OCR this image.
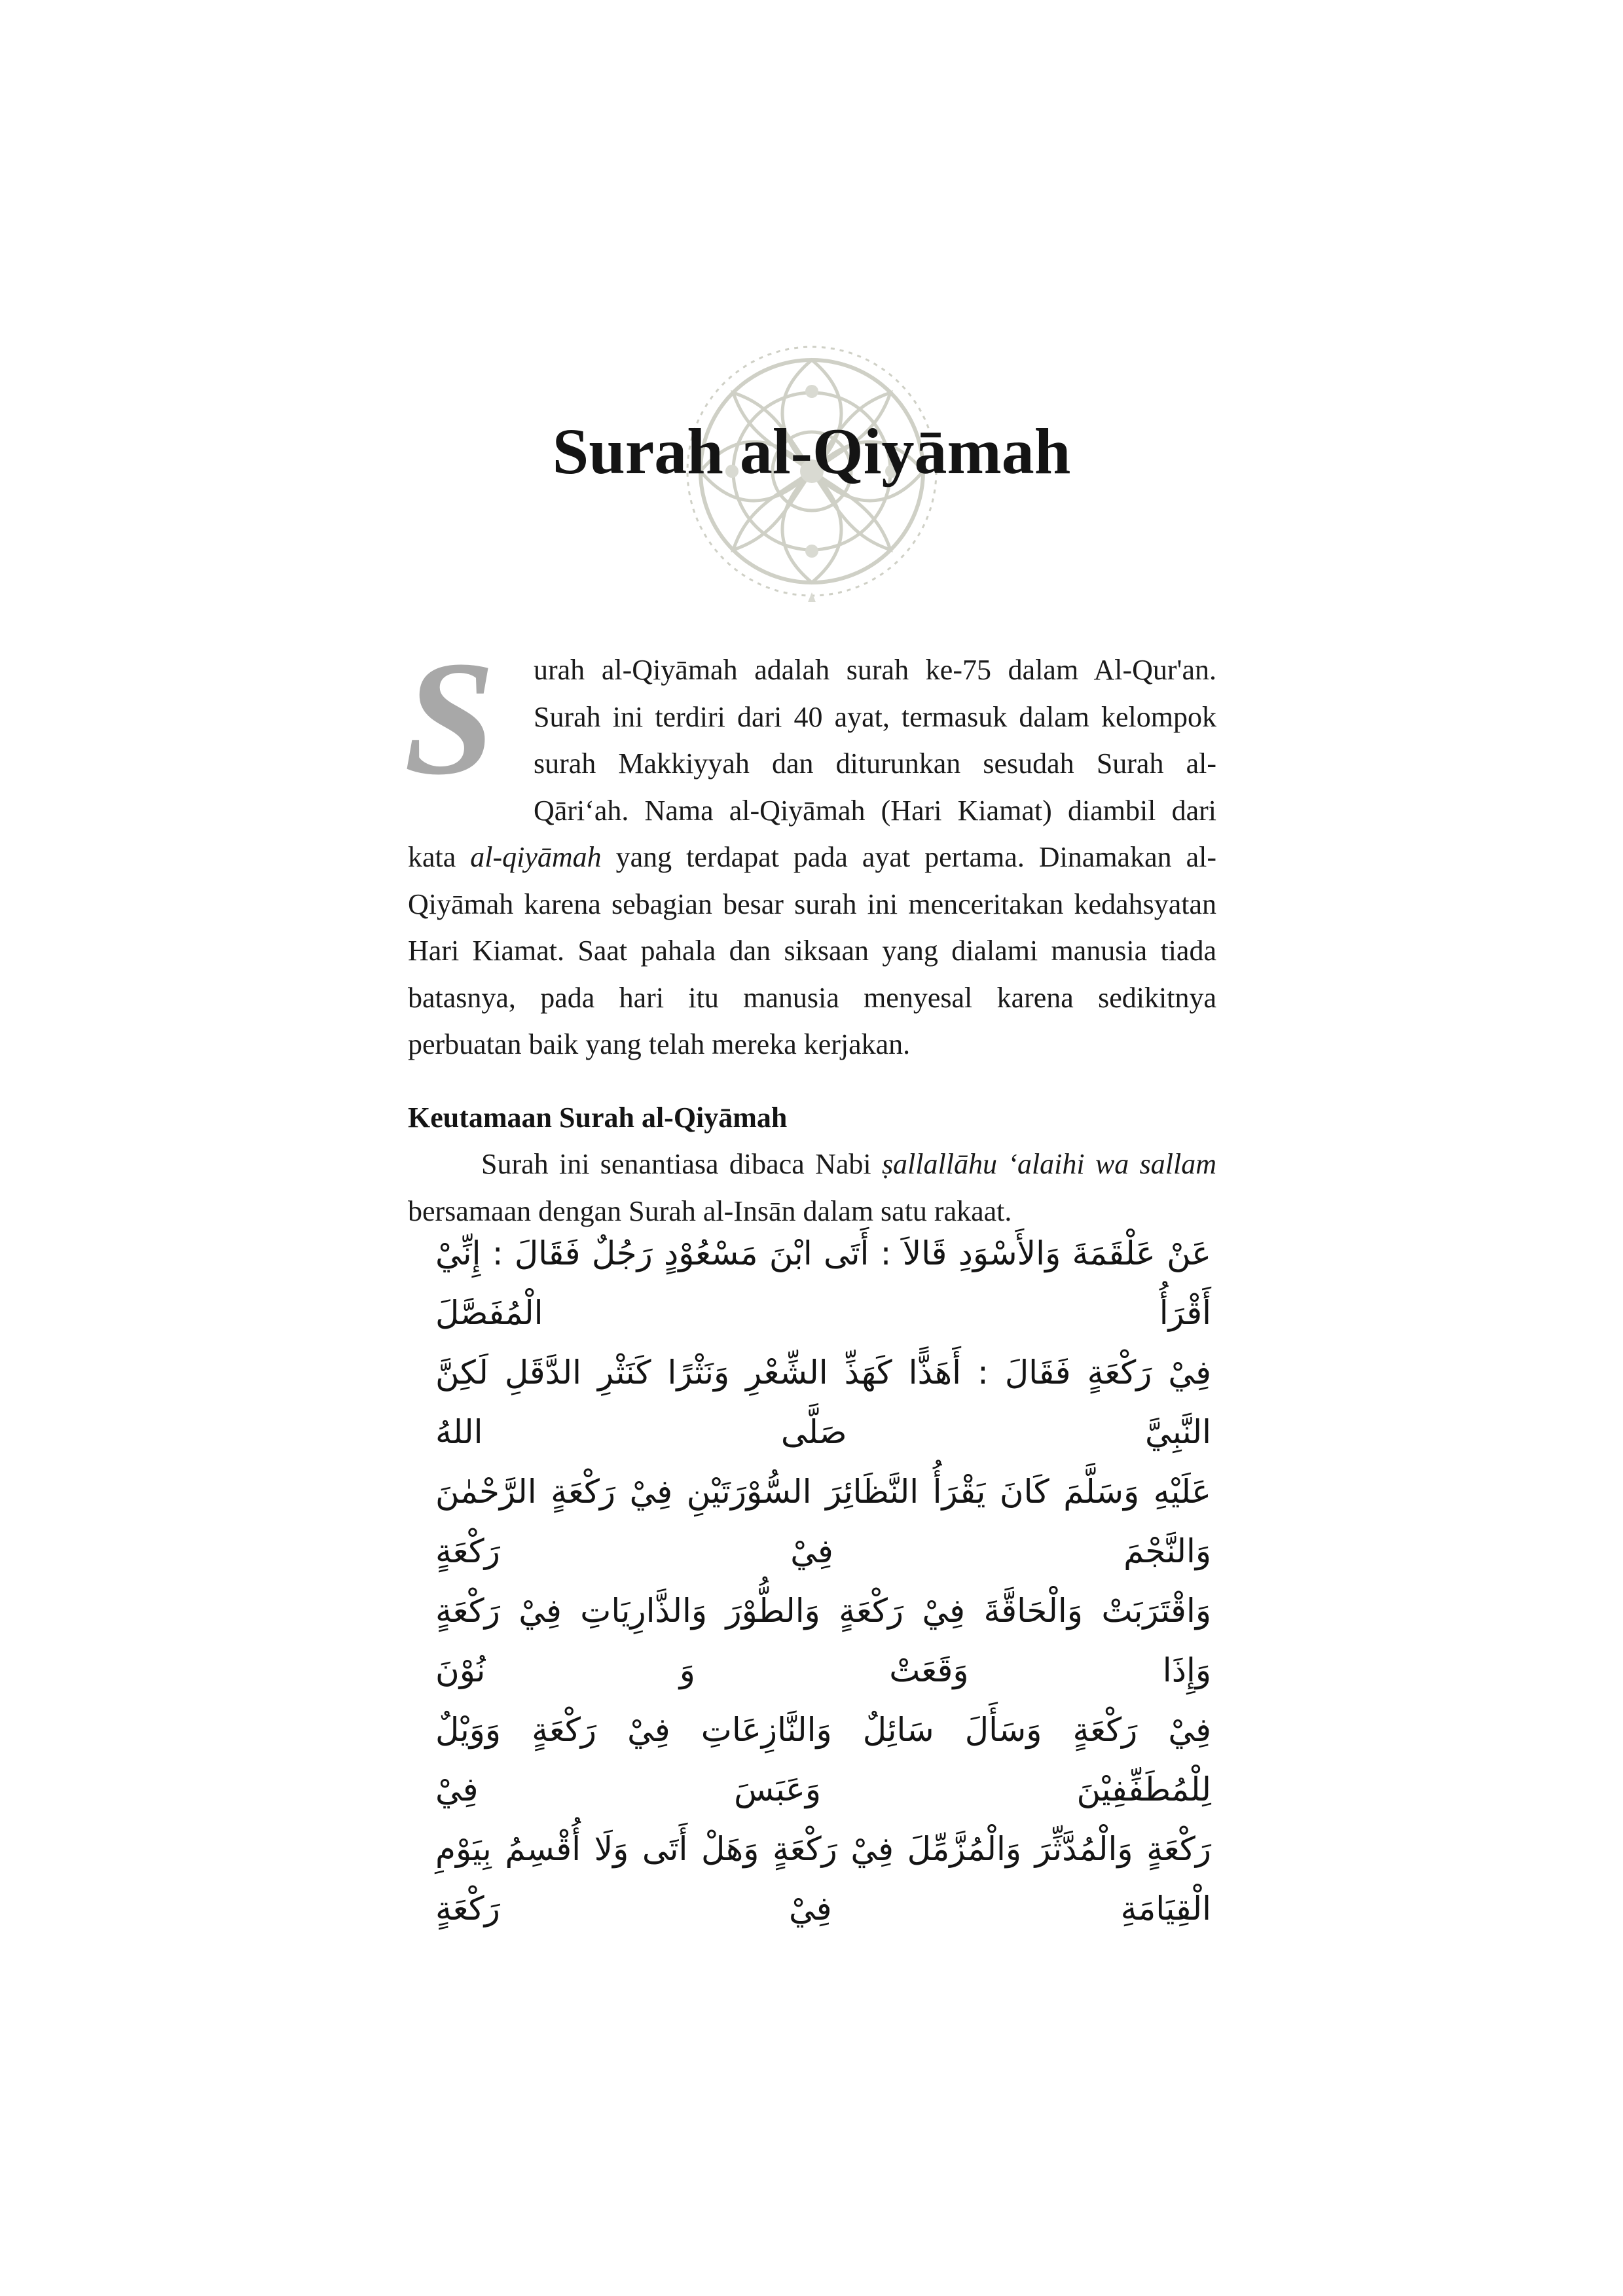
Surah al-Qiyāmah

S	urah al-Qiyāmah adalah surah ke-75 dalam Al-Qur'an. Surah ini terdiri dari 40 ayat, termasuk dalam kelompok surah Makkiyyah dan diturunkan sesudah Surah al-Qāri‘ah. Nama al-Qiyāmah (Hari Kiamat) diambil dari kata al-qiyāmah yang terdapat pada ayat pertama. Dinamakan al-Qiyāmah karena sebagian besar surah ini menceritakan kedahsyatan Hari Kiamat. Saat pahala dan siksaan yang dialami manusia tiada batasnya, pada hari itu manusia menyesal karena sedikitnya perbuatan baik yang telah mereka kerjakan.

Keutamaan Surah al-Qiyāmah

Surah ini senantiasa dibaca Nabi ṣallallāhu ‘alaihi wa sallam bersamaan dengan Surah al-Insān dalam satu rakaat.

عَنْ عَلْقَمَةَ وَالأَسْوَدِ قَالاَ : أَتَى ابْنَ مَسْعُوْدٍ رَجُلٌ فَقَالَ : إِنِّيْ أَقْرَأُ الْمُفَصَّلَ
فِيْ رَكْعَةٍ فَقَالَ : أَهَذًّا كَهَذِّ الشِّعْرِ وَنَثْرًا كَنَثْرِ الدَّقَلِ لَكِنَّ النَّبِيَّ صَلَّى اللهُ
عَلَيْهِ وَسَلَّمَ كَانَ يَقْرَأُ النَّظَائِرَ السُّوْرَتَيْنِ فِيْ رَكْعَةٍ الرَّحْمٰنَ وَالنَّجْمَ فِيْ رَكْعَةٍ
وَاقْتَرَبَتْ وَالْحَاقَّةَ فِيْ رَكْعَةٍ وَالطُّوْرَ وَالذَّارِيَاتِ فِيْ رَكْعَةٍ وَإِذَا وَقَعَتْ وَ نُوْنَ
فِيْ رَكْعَةٍ وَسَأَلَ سَائِلٌ وَالنَّازِعَاتِ فِيْ رَكْعَةٍ وَوَيْلٌ لِلْمُطَفِّفِيْنَ وَعَبَسَ فِيْ
رَكْعَةٍ وَالْمُدَّثِّرَ وَالْمُزَّمِّلَ فِيْ رَكْعَةٍ وَهَلْ أَتَى وَلَا أُقْسِمُ بِيَوْمِ الْقِيَامَةِ فِيْ رَكْعَةٍ
